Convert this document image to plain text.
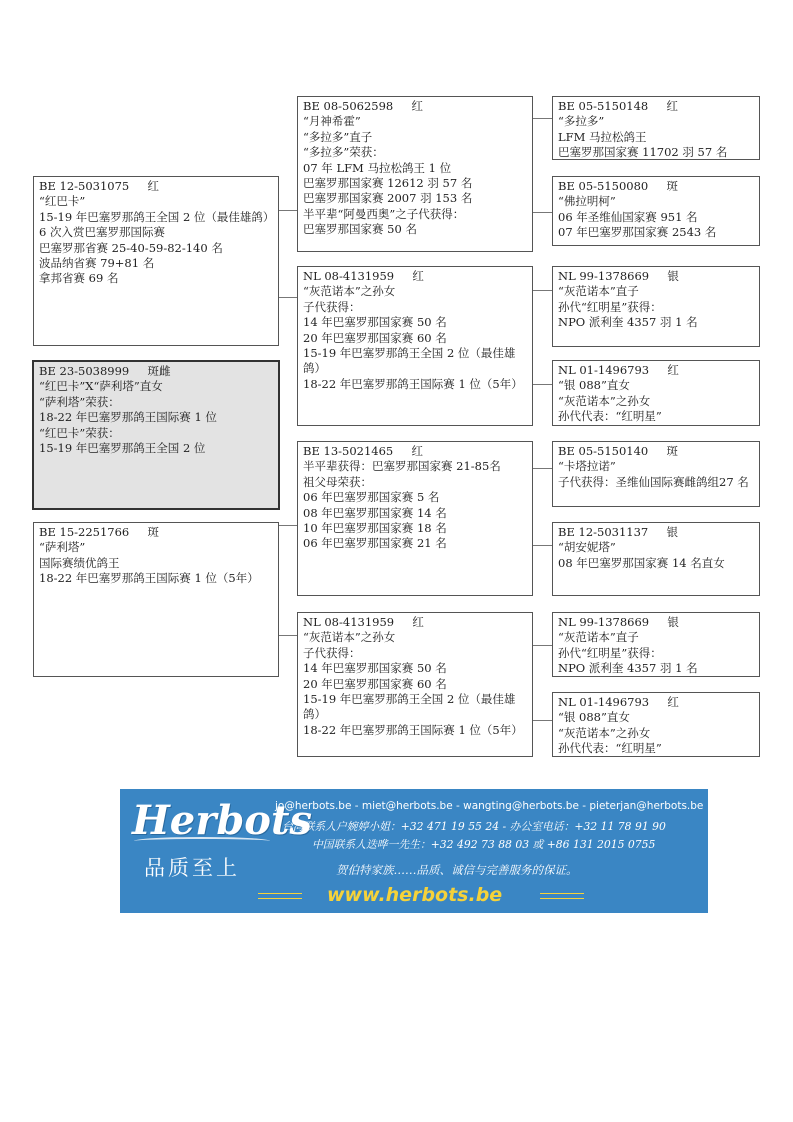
BE 12-5031075     红
“红巴卡”
15-19 年巴塞罗那鸽王全国 2 位（最佳雄鸽）
6 次入赏巴塞罗那国际赛
巴塞罗那省赛 25-40-59-82-140 名
波品纳省赛 79+81 名
拿邦省赛 69 名
BE 23-5038999     斑雌
“红巴卡”X“萨利塔”直女
“萨利塔”荣获：
18-22 年巴塞罗那鸽王国际赛 1 位
“红巴卡”荣获：
15-19 年巴塞罗那鸽王全国 2 位
BE 15-2251766     斑
“萨利塔”
国际赛绩优鸽王
18-22 年巴塞罗那鸽王国际赛 1 位（5年）
BE 08-5062598     红
“月神希霍”
“多拉多”直子
“多拉多”荣获：
07 年 LFM 马拉松鸽王 1 位
巴塞罗那国家赛 12612 羽 57 名
巴塞罗那国家赛 2007 羽 153 名
半平辈“阿曼西奥”之子代获得：
巴塞罗那国家赛 50 名
NL 08-4131959     红
“灰范诺本”之孙女
子代获得：
14 年巴塞罗那国家赛 50 名
20 年巴塞罗那国家赛 60 名
15-19 年巴塞罗那鸽王全国 2 位（最佳雄鸽）
18-22 年巴塞罗那鸽王国际赛 1 位（5年）
BE 13-5021465     红
半平辈获得：巴塞罗那国家赛 21-85名
祖父母荣获：
06 年巴塞罗那国家赛 5 名
08 年巴塞罗那国家赛 14 名
10 年巴塞罗那国家赛 18 名
06 年巴塞罗那国家赛 21 名
NL 08-4131959     红
“灰范诺本”之孙女
子代获得：
14 年巴塞罗那国家赛 50 名
20 年巴塞罗那国家赛 60 名
15-19 年巴塞罗那鸽王全国 2 位（最佳雄鸽）
18-22 年巴塞罗那鸽王国际赛 1 位（5年）
BE 05-5150148     红
“多拉多”
LFM 马拉松鸽王
巴塞罗那国家赛 11702 羽 57 名
BE 05-5150080     斑
“佛拉明柯”
06 年圣维仙国家赛 951 名
07 年巴塞罗那国家赛 2543 名
NL 99-1378669     银
“灰范诺本”直子
孙代“红明星”获得：
NPO 派利奎 4357 羽 1 名
NL 01-1496793     红
“银 088”直女
“灰范诺本”之孙女
孙代代表：“红明星”
BE 05-5150140     斑
“卡塔拉诺”
子代获得：圣维仙国际赛雌鸽组27 名
BE 12-5031137     银
“胡安妮塔”
08 年巴塞罗那国家赛 14 名直女
NL 99-1378669     银
“灰范诺本”直子
孙代“红明星”获得：
NPO 派利奎 4357 羽 1 名
NL 01-1496793     红
“银 088”直女
“灰范诺本”之孙女
孙代代表：“红明星”
Herbots
品质至上
jo@herbots.be - miet@herbots.be - wangting@herbots.be - pieterjan@herbots.be
台湾联系人户婉婷小姐：+32 471 19 55 24 - 办公室电话：+32 11 78 91 90
中国联系人迭哗一先生：+32 492 73 88 03 或 +86 131 2015 0755
贺伯特家族……品质、诚信与完善服务的保证。
www.herbots.be
